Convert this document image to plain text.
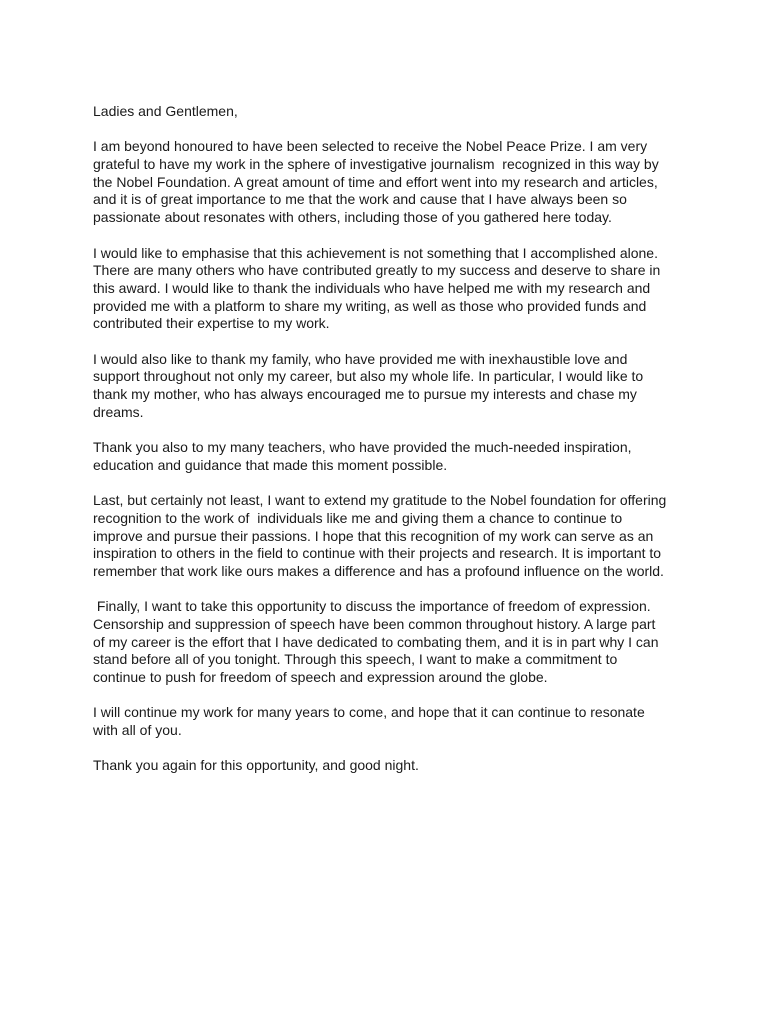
Ladies and Gentlemen,
I am beyond honoured to have been selected to receive the Nobel Peace Prize. I am very
grateful to have my work in the sphere of investigative journalism  recognized in this way by
the Nobel Foundation. A great amount of time and effort went into my research and articles,
and it is of great importance to me that the work and cause that I have always been so
passionate about resonates with others, including those of you gathered here today.
I would like to emphasise that this achievement is not something that I accomplished alone.
There are many others who have contributed greatly to my success and deserve to share in
this award. I would like to thank the individuals who have helped me with my research and
provided me with a platform to share my writing, as well as those who provided funds and
contributed their expertise to my work.
I would also like to thank my family, who have provided me with inexhaustible love and
support throughout not only my career, but also my whole life. In particular, I would like to
thank my mother, who has always encouraged me to pursue my interests and chase my
dreams.
Thank you also to my many teachers, who have provided the much-needed inspiration,
education and guidance that made this moment possible.
Last, but certainly not least, I want to extend my gratitude to the Nobel foundation for offering
recognition to the work of  individuals like me and giving them a chance to continue to
improve and pursue their passions. I hope that this recognition of my work can serve as an
inspiration to others in the field to continue with their projects and research. It is important to
remember that work like ours makes a difference and has a profound influence on the world.
Finally, I want to take this opportunity to discuss the importance of freedom of expression.
Censorship and suppression of speech have been common throughout history. A large part
of my career is the effort that I have dedicated to combating them, and it is in part why I can
stand before all of you tonight. Through this speech, I want to make a commitment to
continue to push for freedom of speech and expression around the globe.
I will continue my work for many years to come, and hope that it can continue to resonate
with all of you.
Thank you again for this opportunity, and good night.
